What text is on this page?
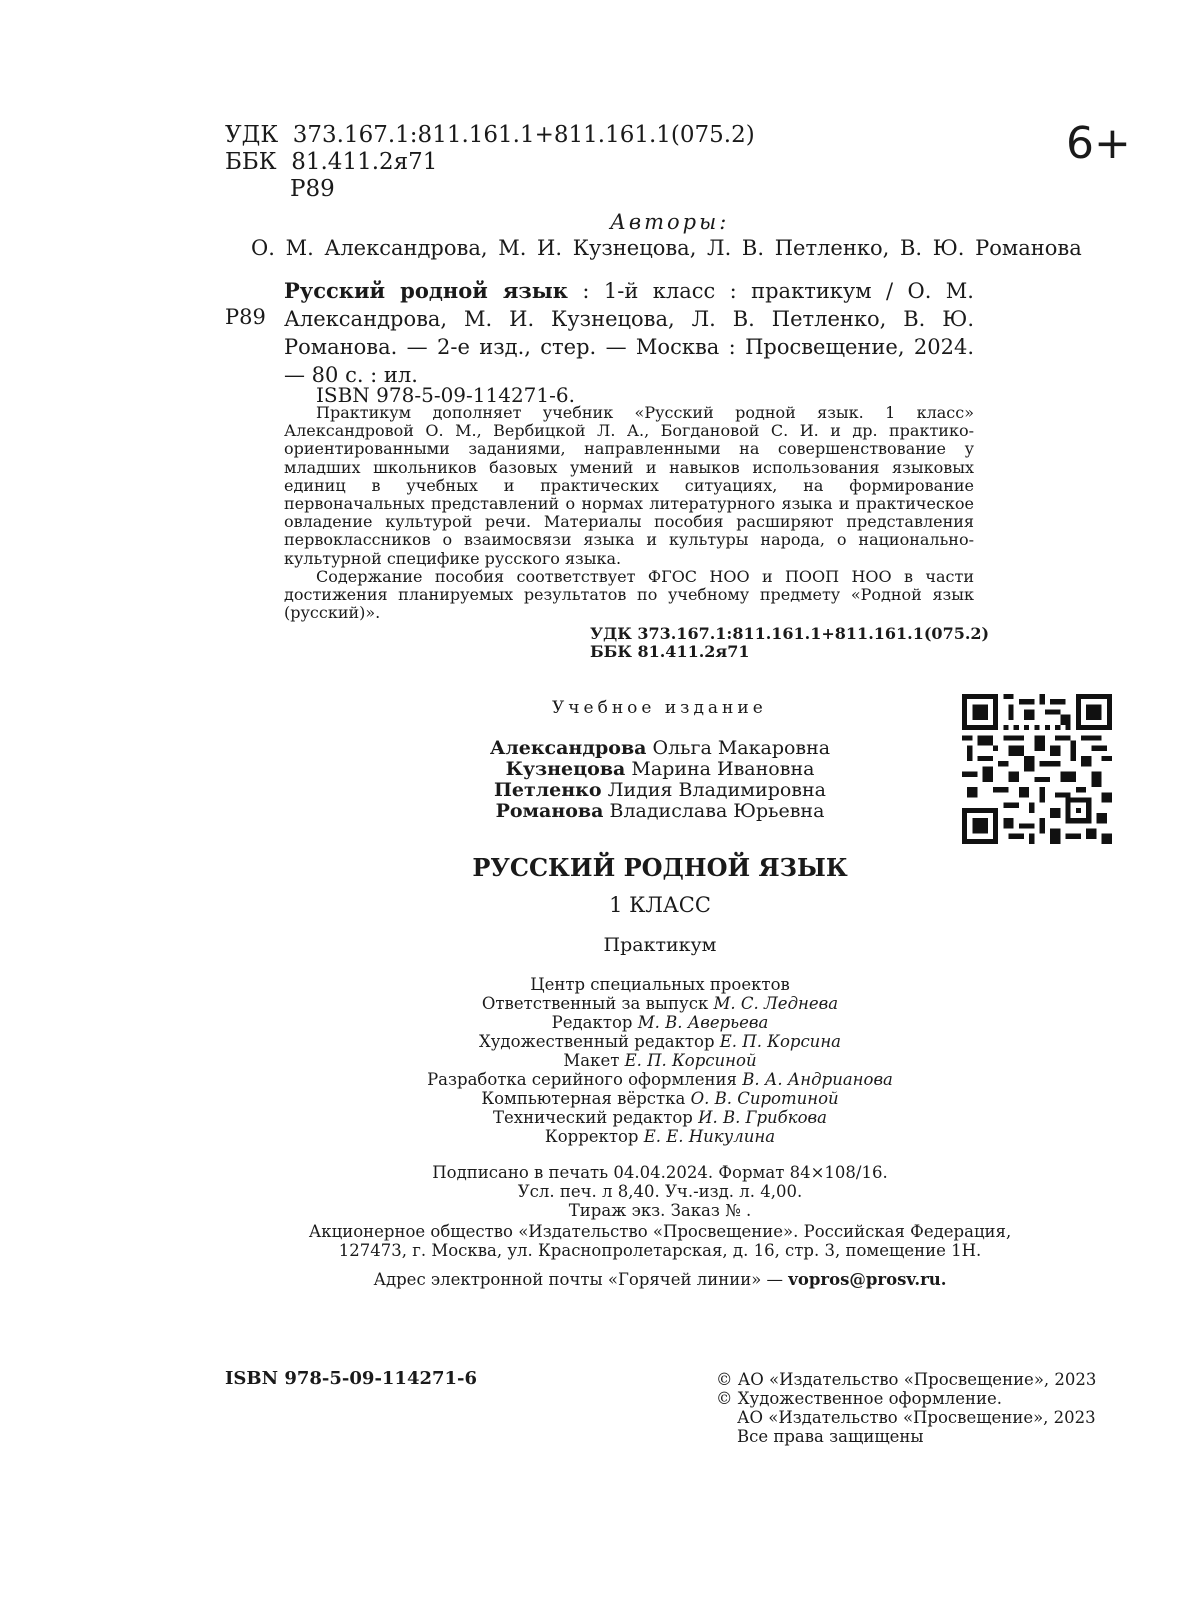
УДК 373.167.1:811.161.1+811.161.1(075.2)
ББК 81.411.2я71
Р89
6+
Авторы:
О. М. Александрова, М. И. Кузнецова, Л. В. Петленко, В. Ю. Романова
Р89
Русский родной язык : 1-й класс : практикум / О. М. Александрова, М. И. Кузнецова, Л. В. Петленко, В. Ю. Романова. — 2-е изд., стер. — Москва : Просвещение, 2024. — 80 с. : ил.
ISBN 978-5-09-114271-6.

Практикум дополняет учебник «Русский родной язык. 1 класс» Александровой О. М., Вербицкой Л. А., Богдановой С. И. и др. практико-ориентированными заданиями, направленными на совершенствование у младших школьников базовых умений и навыков использования языковых единиц в учебных и практических ситуациях, на формирование первоначальных представлений о нормах литературного языка и практическое овладение культурой речи. Материалы пособия расширяют представления первоклассников о взаимосвязи языка и культуры народа, о национально-культурной специфике русского языка.

Содержание пособия соответствует ФГОС НОО и ПООП НОО в части достижения планируемых результатов по учебному предмету «Родной язык (русский)».

УДК 373.167.1:811.161.1+811.161.1(075.2)
ББК 81.411.2я71
Учебное издание
Александрова Ольга Макаровна
Кузнецова Марина Ивановна
Петленко Лидия Владимировна
Романова Владислава Юрьевна
РУССКИЙ РОДНОЙ ЯЗЫК
1 КЛАСС
Практикум
Центр специальных проектов
Ответственный за выпуск М. С. Леднева
Редактор М. В. Аверьева
Художественный редактор Е. П. Корсина
Макет Е. П. Корсиной
Разработка серийного оформления В. А. Андрианова
Компьютерная вёрстка О. В. Сиротиной
Технический редактор И. В. Грибкова
Корректор Е. Е. Никулина
Подписано в печать 04.04.2024. Формат 84×108/16.
Усл. печ. л 8,40. Уч.-изд. л. 4,00.
Тираж экз. Заказ № .
Акционерное общество «Издательство «Просвещение». Российская Федерация,
127473, г. Москва, ул. Краснопролетарская, д. 16, стр. 3, помещение 1Н.
Адрес электронной почты «Горячей линии» — vopros@prosv.ru.
ISBN 978-5-09-114271-6	© АО «Издательство «Просвещение», 2023
© Художественное оформление.
АО «Издательство «Просвещение», 2023
Все права защищены
